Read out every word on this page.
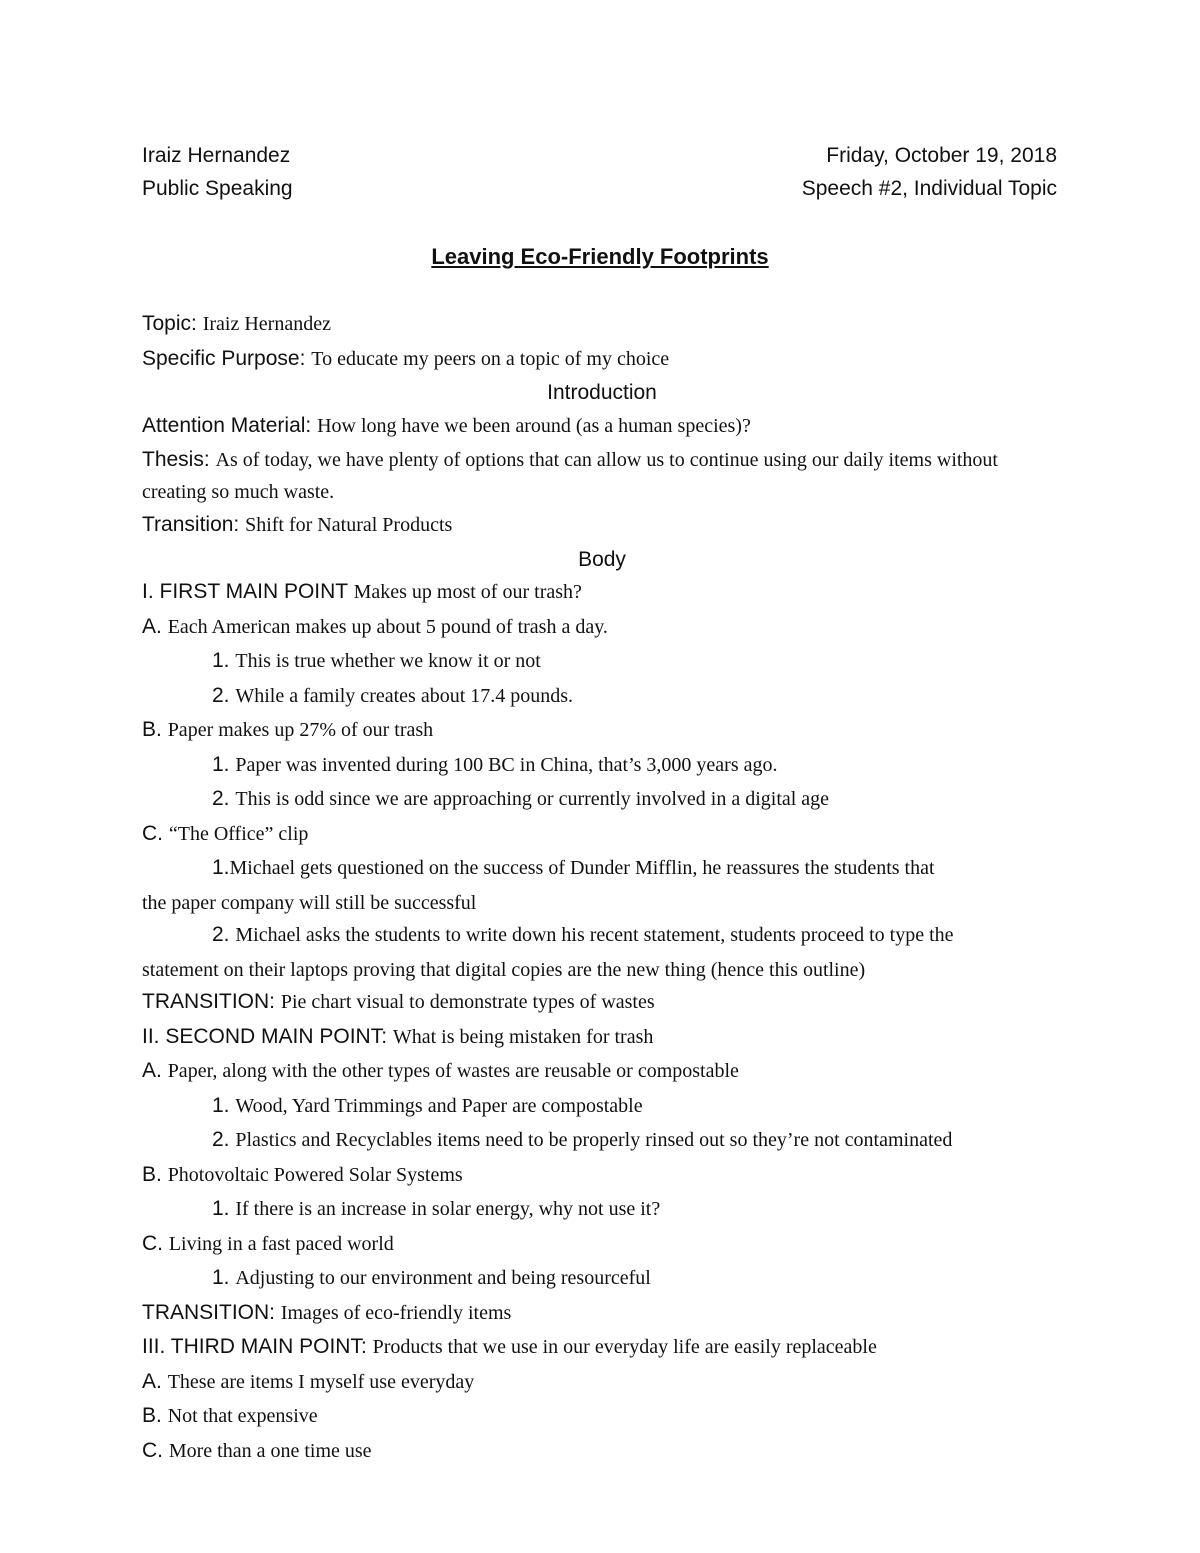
Iraiz Hernandez	Friday, October 19, 2018
Public Speaking	Speech #2, Individual Topic
Leaving Eco-Friendly Footprints
Topic: Iraiz Hernandez
Specific Purpose: To educate my peers on a topic of my choice
Introduction
Attention Material: How long have we been around (as a human species)?
Thesis: As of today, we have plenty of options that can allow us to continue using our daily items without creating so much waste.
Transition: Shift for Natural Products
Body
I. FIRST MAIN POINT Makes up most of our trash?
A. Each American makes up about 5 pound of trash a day.
1. This is true whether we know it or not
2. While a family creates about 17.4 pounds.
B. Paper makes up 27% of our trash
1. Paper was invented during 100 BC in China, that’s 3,000 years ago.
2. This is odd since we are approaching or currently involved in a digital age
C. “The Office” clip
1.Michael gets questioned on the success of Dunder Mifflin, he reassures the students that
the paper company will still be successful
2. Michael asks the students to write down his recent statement, students proceed to type the
statement on their laptops proving that digital copies are the new thing (hence this outline)
TRANSITION: Pie chart visual to demonstrate types of wastes
II. SECOND MAIN POINT: What is being mistaken for trash
A. Paper, along with the other types of wastes are reusable or compostable
1. Wood, Yard Trimmings and Paper are compostable
2. Plastics and Recyclables items need to be properly rinsed out so they’re not contaminated
B. Photovoltaic Powered Solar Systems
1. If there is an increase in solar energy, why not use it?
C. Living in a fast paced world
1. Adjusting to our environment and being resourceful
TRANSITION: Images of eco-friendly items
III. THIRD MAIN POINT: Products that we use in our everyday life are easily replaceable
A. These are items I myself use everyday
B. Not that expensive
C. More than a one time use
